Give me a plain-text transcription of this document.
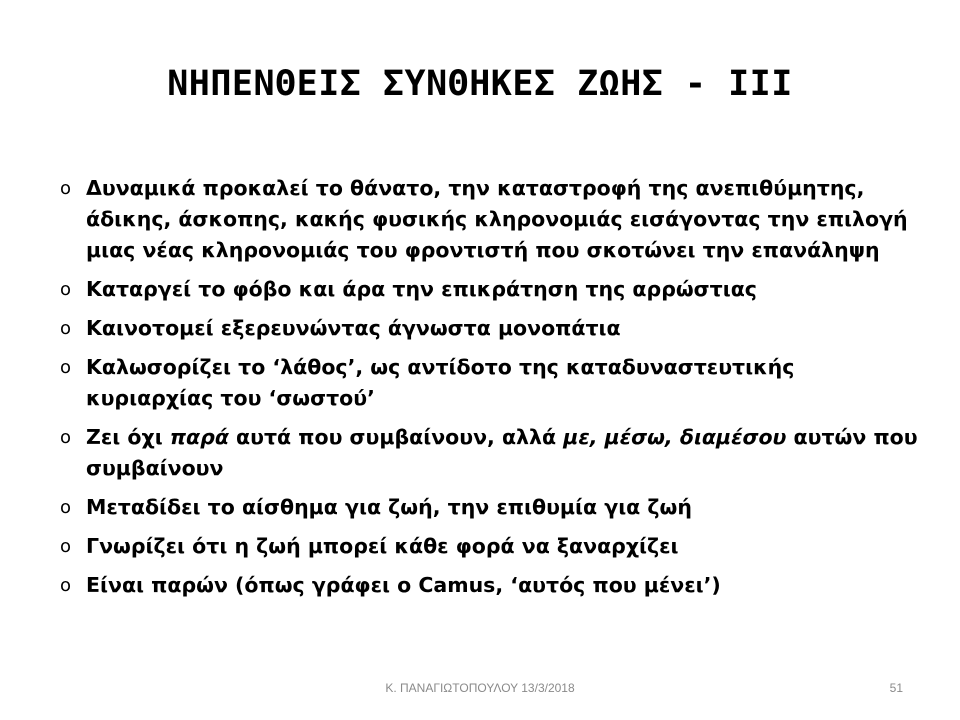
ΝΗΠΕΝΘΕΙΣ ΣΥΝΘΗΚΕΣ ΖΩΗΣ - III
o Δυναμικά προκαλεί το θάνατο, την καταστροφή της ανεπιθύμητης, άδικης, άσκοπης, κακής φυσικής κληρονομιάς εισάγοντας την επιλογή μιας νέας κληρονομιάς του φροντιστή που σκοτώνει την επανάληψη
o Καταργεί το φόβο και άρα την επικράτηση της αρρώστιας
o Καινοτομεί εξερευνώντας άγνωστα μονοπάτια
o Καλωσορίζει το ‘λάθος’, ως αντίδοτο της καταδυναστευτικής κυριαρχίας του ‘σωστού’
o Ζει όχι παρά αυτά που συμβαίνουν, αλλά με, μέσω, διαμέσου αυτών που συμβαίνουν
o Μεταδίδει το αίσθημα για ζωή, την επιθυμία για ζωή
o Γνωρίζει ότι η ζωή μπορεί κάθε φορά να ξαναρχίζει
o Είναι παρών (όπως γράφει ο Camus, ‘αυτός που μένει’)
Κ. ΠΑΝΑΓΙΩΤΟΠΟΥΛΟΥ 13/3/2018	51
